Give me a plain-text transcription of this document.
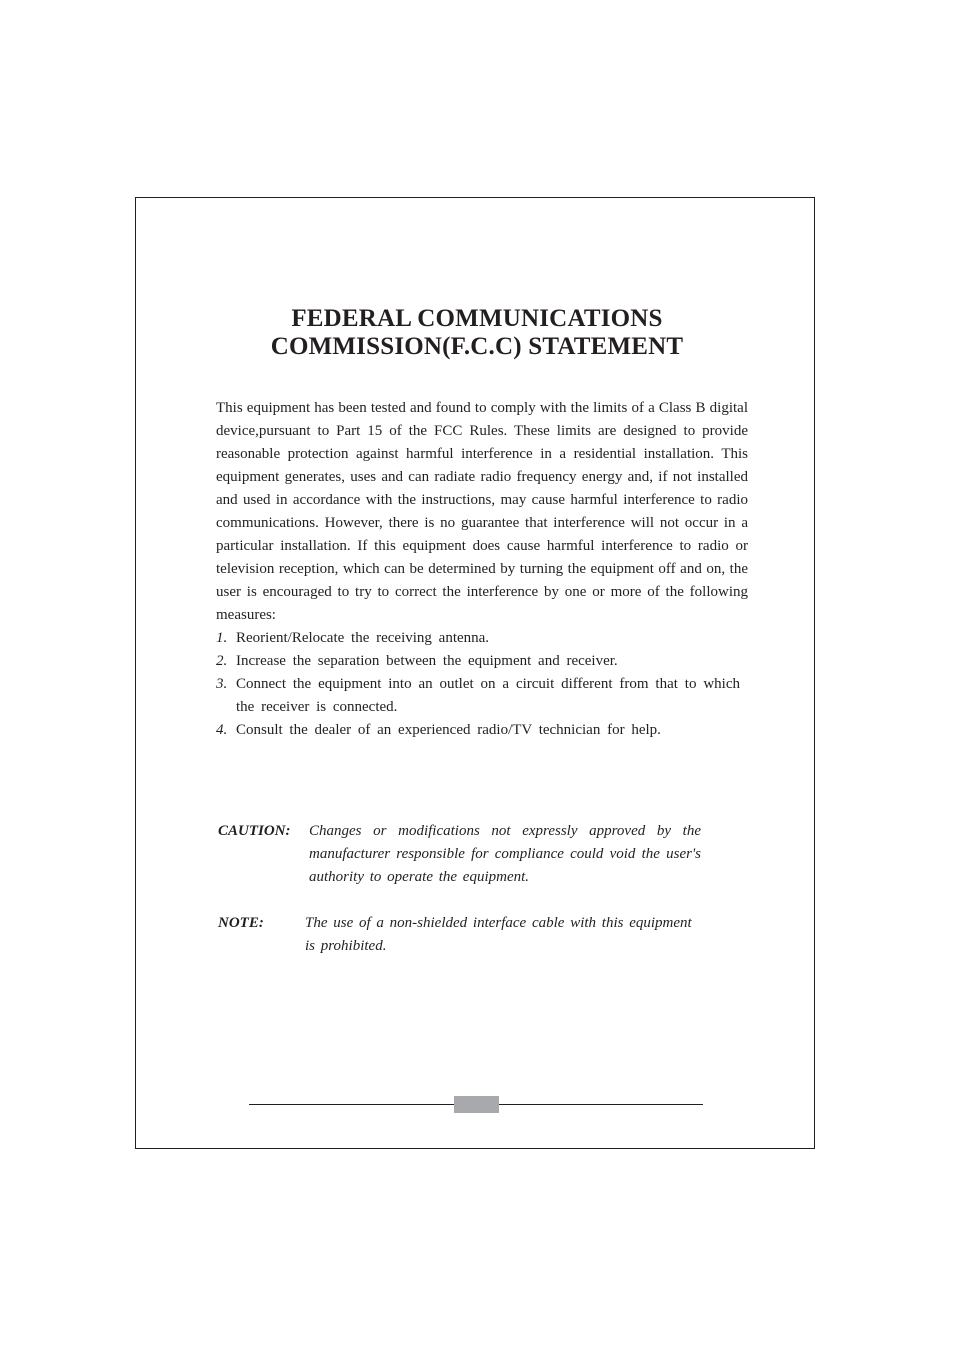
FEDERAL COMMUNICATIONS
COMMISSION(F.C.C) STATEMENT

This equipment has been tested and found to comply with the limits of a Class B digital device,pursuant to Part 15 of the FCC Rules. These limits are designed to provide reasonable protection against harmful interference in a residential installation. This equipment generates, uses and can radiate radio frequency energy and, if not installed and used in accordance with the instructions, may cause harmful interference to radio communications. However, there is no guarantee that interference will not occur in a particular installation. If this equipment does cause harmful interference to radio or television reception, which can be determined by turning the equipment off and on, the user is encouraged to try to correct the interference by one or more of the following measures:

1. Reorient/Relocate the receiving antenna.
2. Increase the separation between the equipment and receiver.
3. Connect the equipment into an outlet on a circuit different from that to which the receiver is connected.
4. Consult the dealer of an experienced radio/TV technician for help.
CAUTION: Changes or modifications not expressly approved by the manufacturer responsible for compliance could void the user's authority to operate the equipment.
NOTE:	The use of a non-shielded interface cable with this equipment is prohibited.
